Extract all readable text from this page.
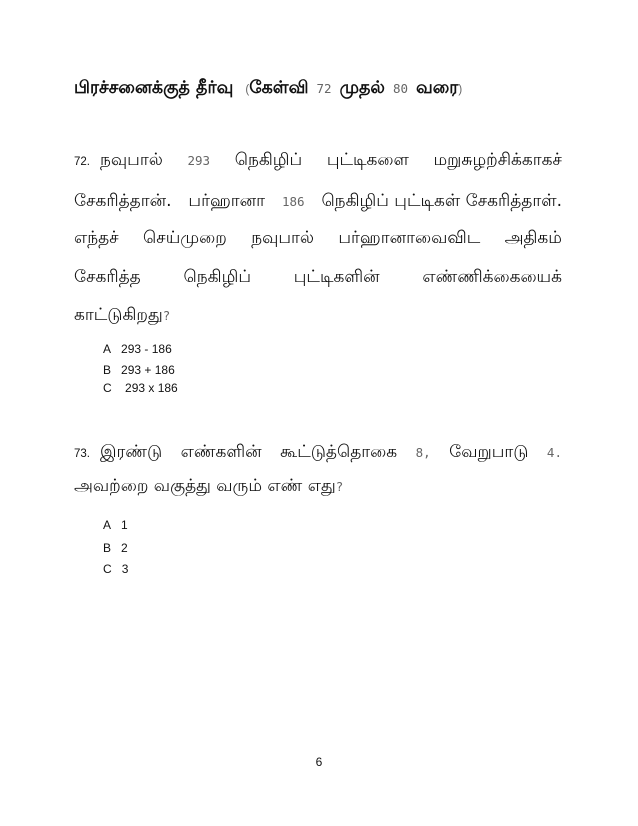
பிரச்சனைக்குத் தீர்வு ( கேள்வி 72 முதல் 80 வரை )
72. நவுபால் 293 நெகிழிப் புட்டிகளை மறுசுழற்சிக்காகச்
சேகரித்தான். பர்ஹானா 186 நெகிழிப் புட்டிகள் சேகரித்தாள்.
எந்தச் செய்முறை நவுபால் பர்ஹானாவைவிட அதிகம்
சேகரித்த	நெகிழிப்	புட்டிகளின்	எண்ணிக்கையைக்
காட்டுகிறது ?
A 293 - 186
B 293 + 186
C 293 x 186
73. இரண்டு எண்களின் கூட்டுத்தொகை 8, வேறுபாடு 4.
அவற்றை வகுத்து வரும் எண் எது ?
A 1
B 2
C 3
6
